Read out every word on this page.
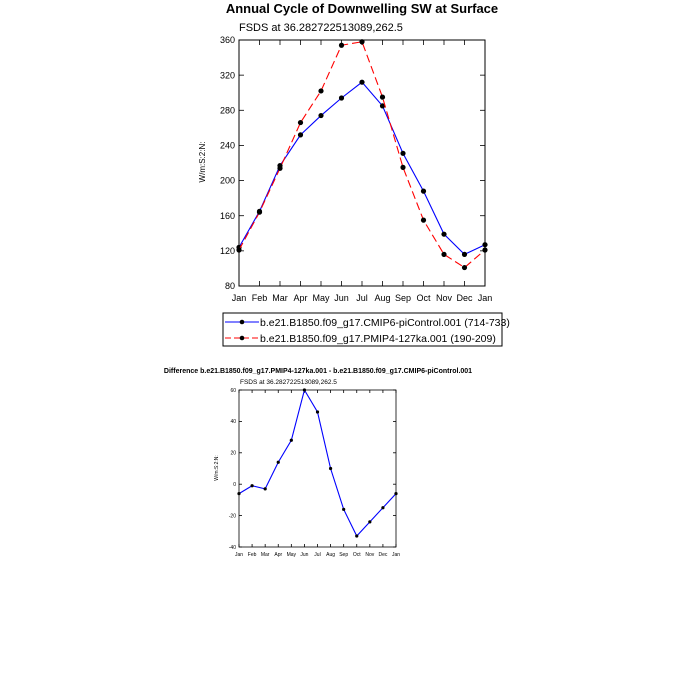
Annual Cycle of Downwelling SW at Surface
FSDS at 36.282722513089,262.5
W/m:S:2:N:
Jan Feb Mar Apr May Jun Jul Aug Sep Oct Nov Dec Jan
80
120
160
200
240
280
320
360
b.e21.B1850.f09_g17.CMIP6-piControl.001 (714-733)
b.e21.B1850.f09_g17.PMIP4-127ka.001 (190-209)
Difference b.e21.B1850.f09_g17.PMIP4-127ka.001 - b.e21.B1850.f09_g17.CMIP6-piControl.001
FSDS at 36.282722513089,262.5
W/m:S:2:N:
Jan Feb Mar Apr May Jun Jul Aug Sep Oct Nov Dec Jan
-40
-20
0
20
40
60
